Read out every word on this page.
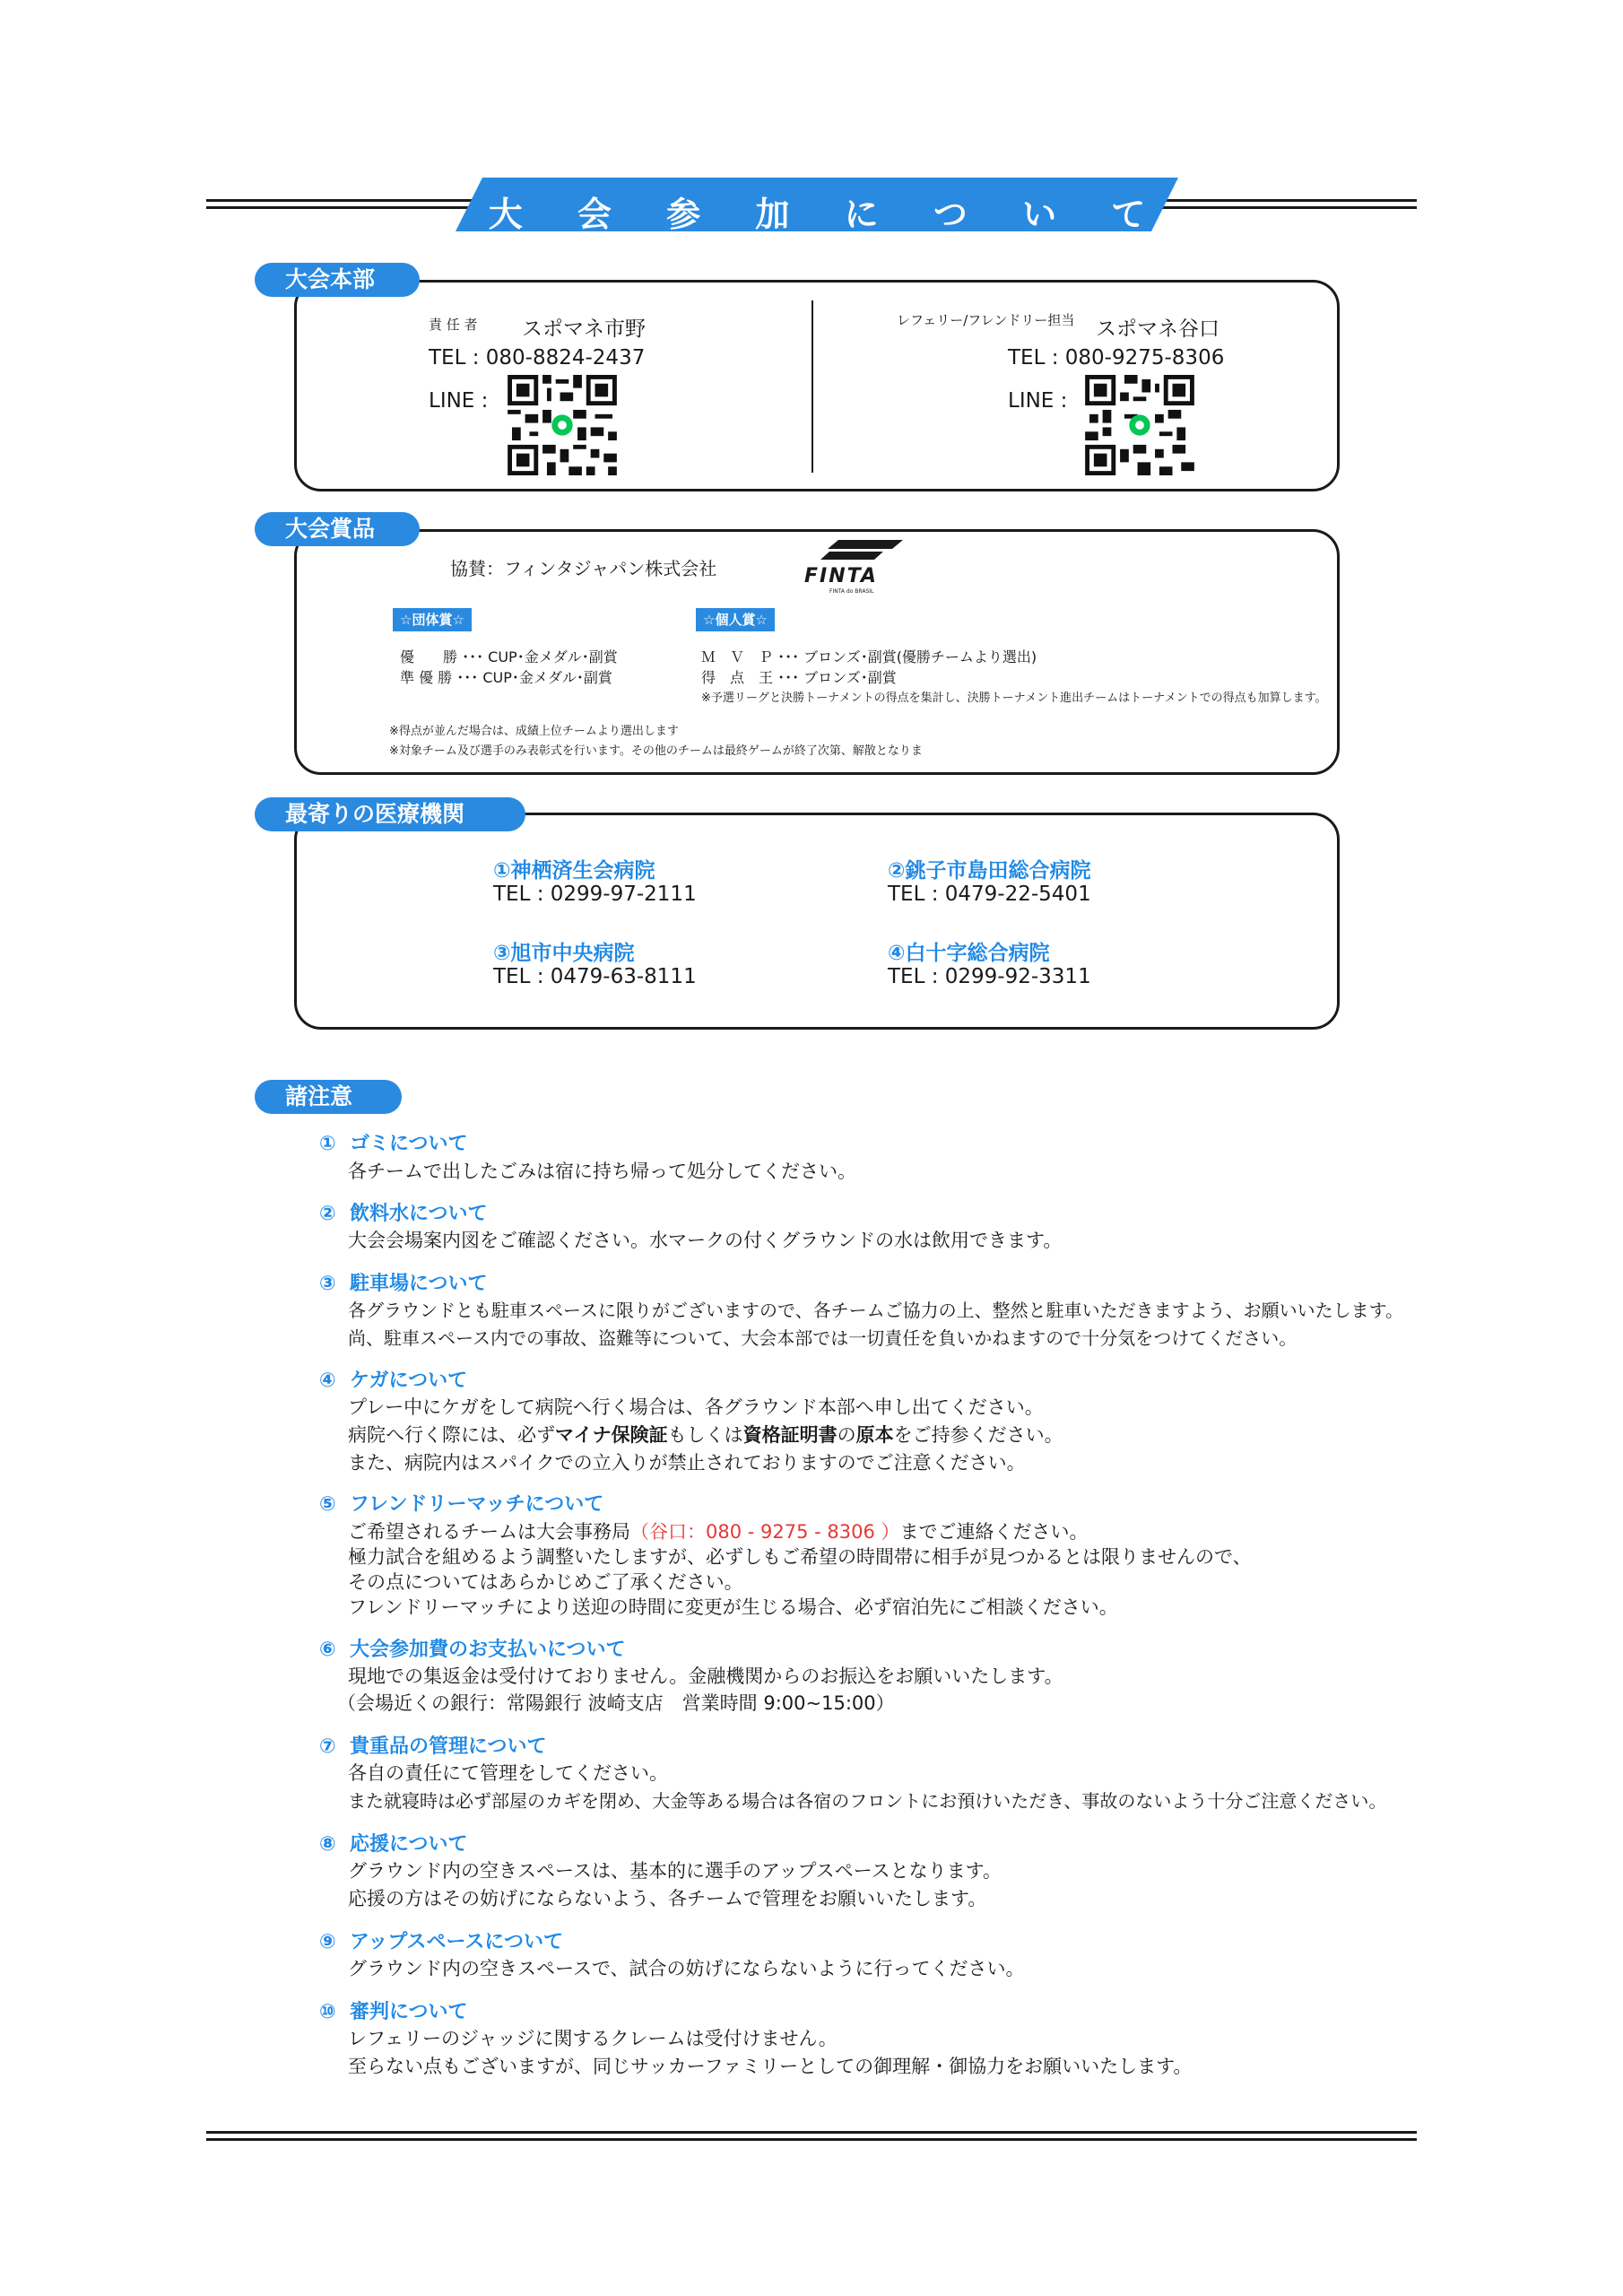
大 会 参 加 に つ い て
大会本部
責 任 者 スポマネ市野
TEL : 080-8824-2437
LINE :
レフェリー/フレンドリー担当 スポマネ谷口
TEL : 080-9275-8306
LINE :
大会賞品
協賛：フィンタジャパン株式会社	FINTA
FINTA do BRASIL
☆団体賞☆
優　　勝 ･･･ CUP･金メダル･副賞
準 優 勝 ･･･ CUP･金メダル･副賞
☆個人賞☆
Ｍ　Ｖ　Ｐ ･･･ ブロンズ･副賞(優勝チームより選出)
得　点　王 ･･･ ブロンズ･副賞
※予選リーグと決勝トーナメントの得点を集計し、決勝トーナメント進出チームはトーナメントでの得点も加算します。
※得点が並んだ場合は、成績上位チームより選出します
※対象チーム及び選手のみ表彰式を行います。その他のチームは最終ゲームが終了次第、解散となりま
最寄りの医療機関
①神栖済生会病院
TEL : 0299-97-2111
②銚子市島田総合病院
TEL : 0479-22-5401
③旭市中央病院
TEL : 0479-63-8111
④白十字総合病院
TEL : 0299-92-3311
諸注意
①  ゴミについて
各チームで出したごみは宿に持ち帰って処分してください。
②  飲料水について
大会会場案内図をご確認ください。水マークの付くグラウンドの水は飲用できます。
③  駐車場について
各グラウンドとも駐車スペースに限りがございますので、各チームご協力の上、整然と駐車いただきますよう、お願いいたします。
尚、駐車スペース内での事故、盗難等について、大会本部では一切責任を負いかねますので十分気をつけてください。
④  ケガについて
プレー中にケガをして病院へ行く場合は、各グラウンド本部へ申し出てください。
病院へ行く際には、必ずマイナ保険証もしくは資格証明書の原本をご持参ください。
また、病院内はスパイクでの立入りが禁止されておりますのでご注意ください。
⑤  フレンドリーマッチについて
ご希望されるチームは大会事務局（谷口：080 - 9275 - 8306 ）までご連絡ください。
極力試合を組めるよう調整いたしますが、必ずしもご希望の時間帯に相手が見つかるとは限りませんので、
その点についてはあらかじめご了承ください。
フレンドリーマッチにより送迎の時間に変更が生じる場合、必ず宿泊先にご相談ください。
⑥  大会参加費のお支払いについて
現地での集返金は受付けておりません。金融機関からのお振込をお願いいたします。
（会場近くの銀行：常陽銀行 波崎支店　営業時間 9:00~15:00）
⑦  貴重品の管理について
各自の責任にて管理をしてください。
また就寝時は必ず部屋のカギを閉め、大金等ある場合は各宿のフロントにお預けいただき、事故のないよう十分ご注意ください。
⑧  応援について
グラウンド内の空きスペースは、基本的に選手のアップスペースとなります。
応援の方はその妨げにならないよう、各チームで管理をお願いいたします。
⑨  アップスペースについて
グラウンド内の空きスペースで、試合の妨げにならないように行ってください。
⑩  審判について
レフェリーのジャッジに関するクレームは受付けません。
至らない点もございますが、同じサッカーファミリーとしての御理解・御協力をお願いいたします。
